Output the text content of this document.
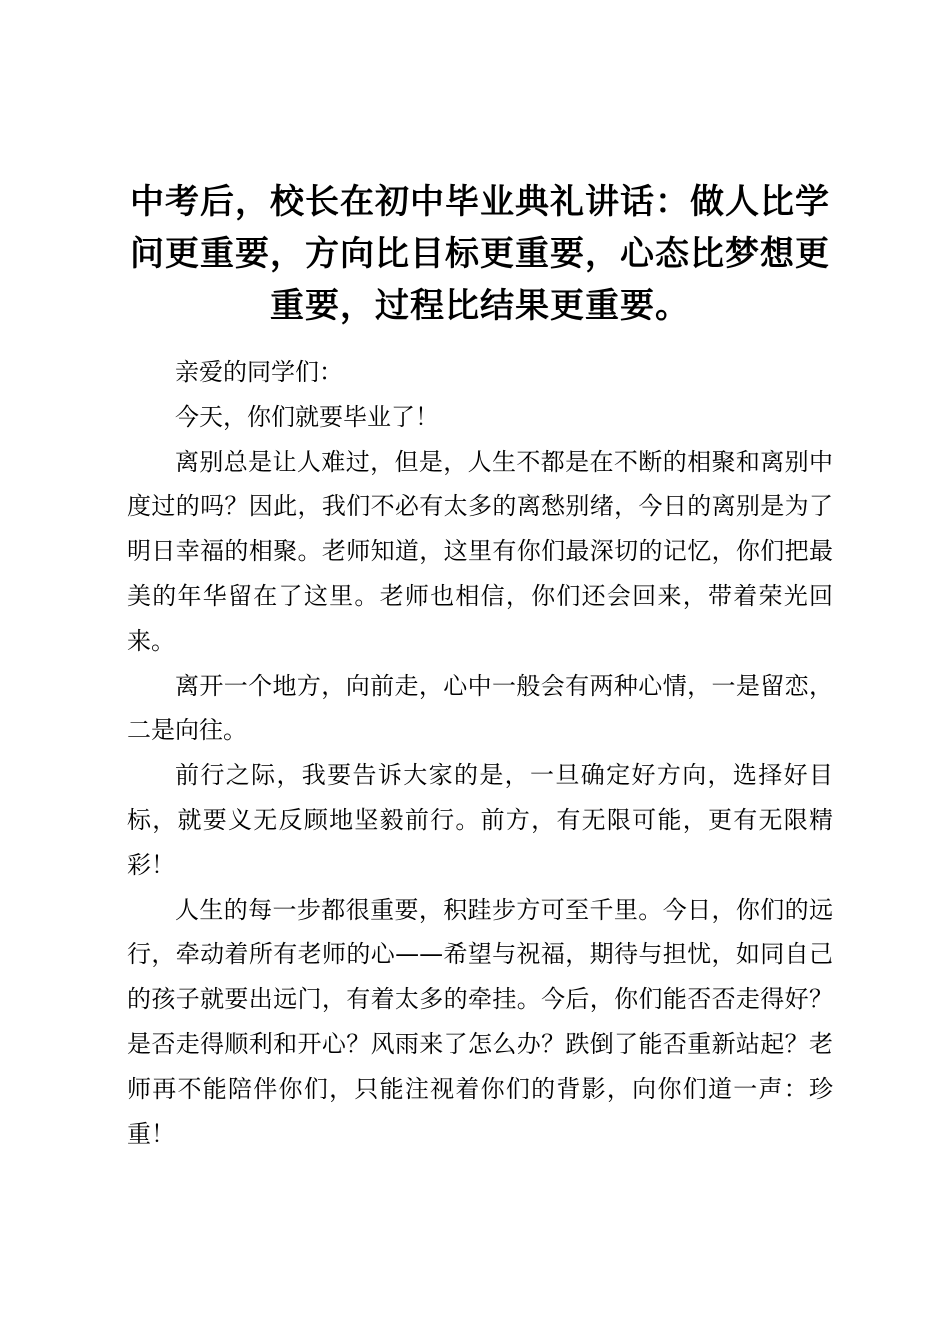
中考后，校长在初中毕业典礼讲话：做人比学问更重要，方向比目标更重要，心态比梦想更重要，过程比结果更重要。

亲爱的同学们：

今天，你们就要毕业了！

离别总是让人难过，但是，人生不都是在不断的相聚和离别中度过的吗？因此，我们不必有太多的离愁别绪，今日的离别是为了明日幸福的相聚。老师知道，这里有你们最深切的记忆，你们把最美的年华留在了这里。老师也相信，你们还会回来，带着荣光回来。

离开一个地方，向前走，心中一般会有两种心情，一是留恋，二是向往。

前行之际，我要告诉大家的是，一旦确定好方向，选择好目标，就要义无反顾地坚毅前行。前方，有无限可能，更有无限精彩！

人生的每一步都很重要，积跬步方可至千里。今日，你们的远行，牵动着所有老师的心——希望与祝福，期待与担忧，如同自己的孩子就要出远门，有着太多的牵挂。今后，你们能否否走得好？是否走得顺利和开心？风雨来了怎么办？跌倒了能否重新站起？老师再不能陪伴你们，只能注视着你们的背影，向你们道一声：珍重！
